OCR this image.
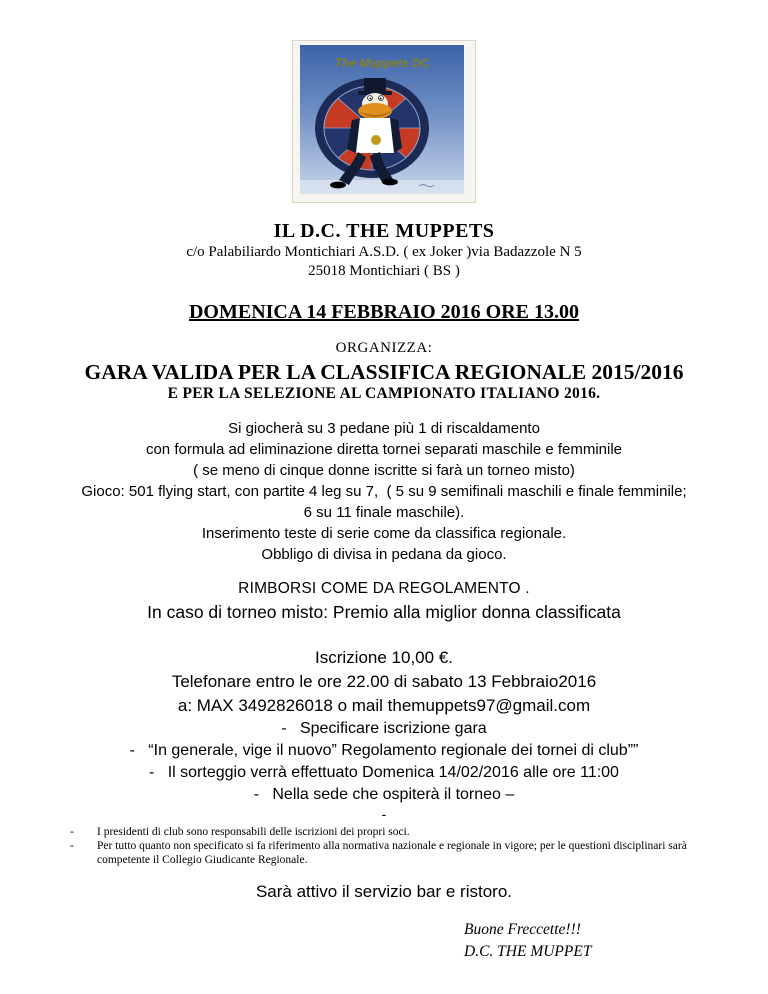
The Muppets DC
IL D.C. THE MUPPETS
c/o Palabiliardo Montichiari A.S.D. ( ex Joker )via Badazzole N 5
25018 Montichiari ( BS )
DOMENICA 14 FEBBRAIO 2016 ORE 13.00
ORGANIZZA:
GARA VALIDA PER LA CLASSIFICA REGIONALE 2015/2016
E PER LA SELEZIONE AL CAMPIONATO ITALIANO 2016.
Si giocherà su 3 pedane più 1 di riscaldamento
con formula ad eliminazione diretta tornei separati maschile e femminile
( se meno di cinque donne iscritte si farà un torneo misto)
Gioco: 501 flying start, con partite 4 leg su 7,  ( 5 su 9 semifinali maschili e finale femminile;
6 su 11 finale maschile).
Inserimento teste di serie come da classifica regionale.
Obbligo di divisa in pedana da gioco.
RIMBORSI COME DA REGOLAMENTO .
In caso di torneo misto: Premio alla miglior donna classificata
Iscrizione 10,00 €.
Telefonare entro le ore 22.00 di sabato 13 Febbraio2016
a: MAX 3492826018 o mail themuppets97@gmail.com
-   Specificare iscrizione gara
-   “In generale, vige il nuovo” Regolamento regionale dei tornei di club””
-   Il sorteggio verrà effettuato Domenica 14/02/2016 alle ore 11:00
-   Nella sede che ospiterà il torneo –
-
-	I presidenti di club sono responsabili delle iscrizioni dei propri soci.
-	Per tutto quanto non specificato si fa riferimento alla normativa nazionale e regionale in vigore; per le questioni disciplinari sarà competente il Collegio Giudicante Regionale.
Sarà attivo il servizio bar e ristoro.
Buone Freccette!!!
D.C. THE MUPPET
